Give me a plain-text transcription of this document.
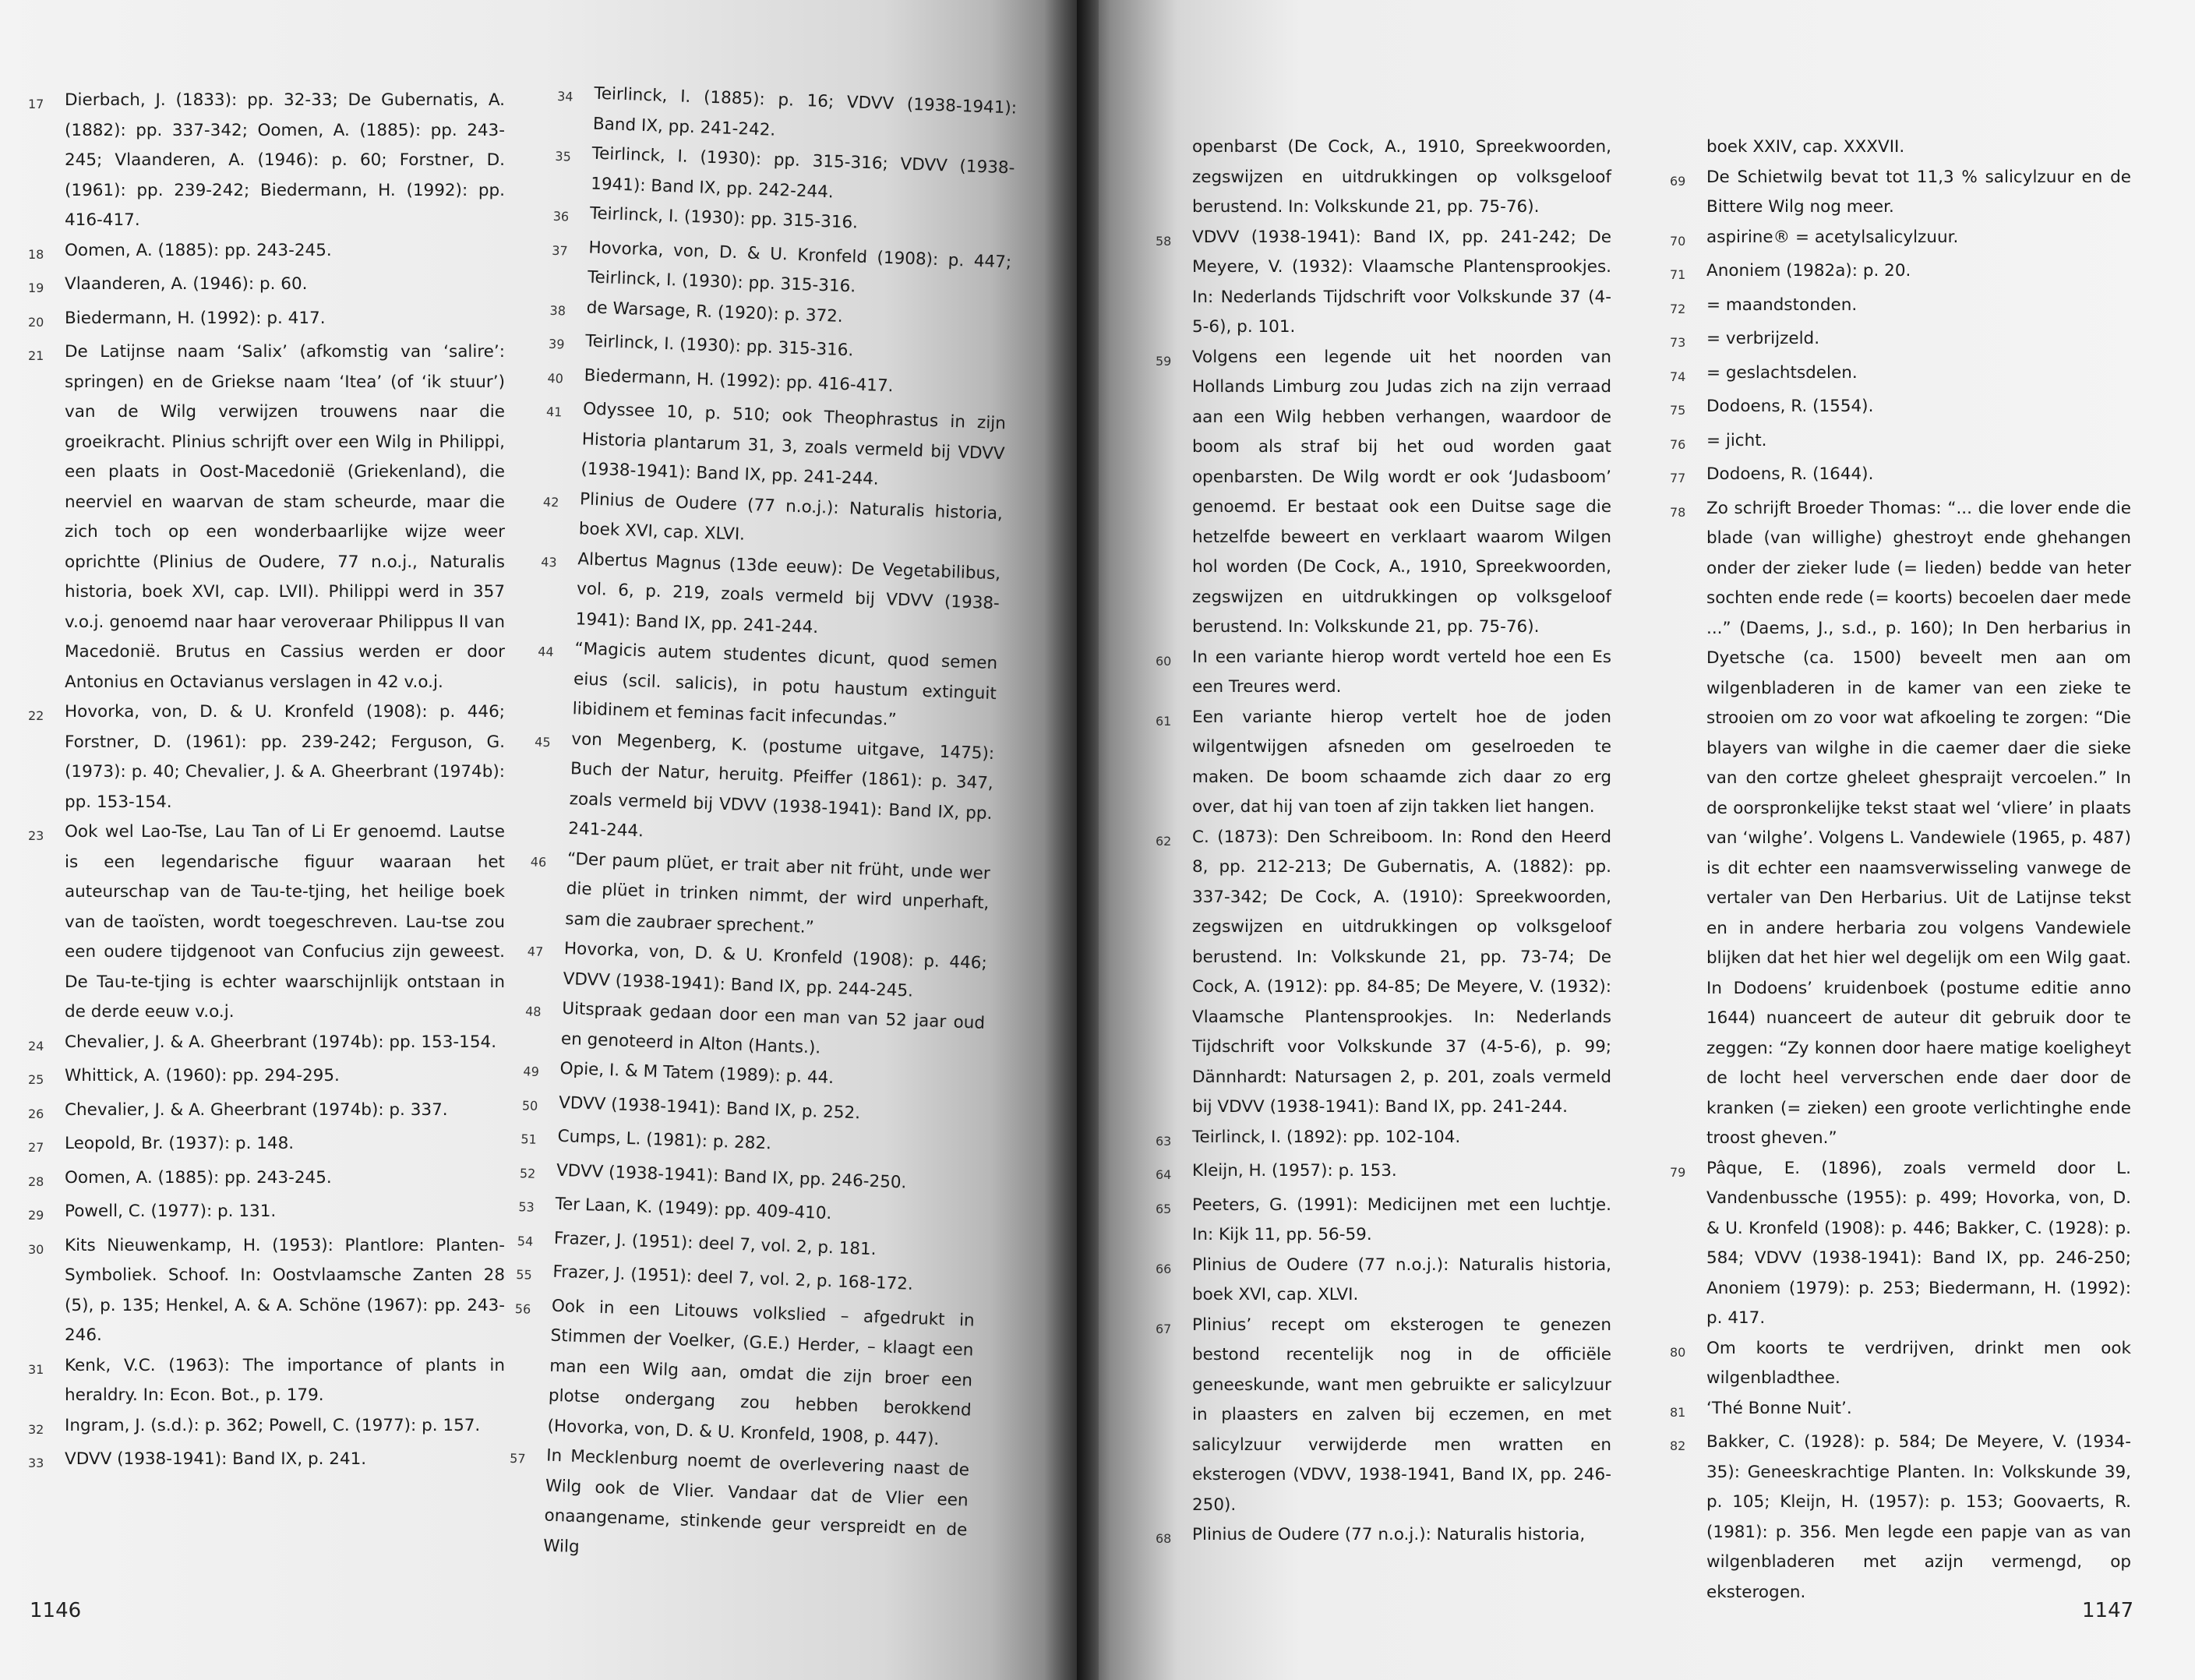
17	Dierbach, J. (1833): pp. 32-33; De Gubernatis, A. (1882): pp. 337-342; Oomen, A. (1885): pp. 243-245; Vlaanderen, A. (1946): p. 60; Forstner, D. (1961): pp. 239-242; Biedermann, H. (1992): pp. 416-417.
18	Oomen, A. (1885): pp. 243-245.
19	Vlaanderen, A. (1946): p. 60.
20	Biedermann, H. (1992): p. 417.
21	De Latijnse naam ‘Salix’ (afkomstig van ‘salire’: springen) en de Griekse naam ‘Itea’ (of ‘ik stuur’) van de Wilg verwijzen trouwens naar die groeikracht. Plinius schrijft over een Wilg in Philippi, een plaats in Oost-Macedonië (Griekenland), die neerviel en waarvan de stam scheurde, maar die zich toch op een wonderbaarlijke wijze weer oprichtte (Plinius de Oudere, 77 n.o.j., Naturalis historia, boek XVI, cap. LVII). Philippi werd in 357 v.o.j. genoemd naar haar veroveraar Philippus II van Macedonië. Brutus en Cassius werden er door Antonius en Octavianus verslagen in 42 v.o.j.
22	Hovorka, von, D. & U. Kronfeld (1908): p. 446; Forstner, D. (1961): pp. 239-242; Ferguson, G. (1973): p. 40; Chevalier, J. & A. Gheerbrant (1974b): pp. 153-154.
23	Ook wel Lao-Tse, Lau Tan of Li Er genoemd. Lautse is een legendarische figuur waaraan het auteurschap van de Tau-te-tjing, het heilige boek van de taoïsten, wordt toegeschreven. Lau-tse zou een oudere tijdgenoot van Confucius zijn geweest. De Tau-te-tjing is echter waarschijnlijk ontstaan in de derde eeuw v.o.j.
24	Chevalier, J. & A. Gheerbrant (1974b): pp. 153-154.
25	Whittick, A. (1960): pp. 294-295.
26	Chevalier, J. & A. Gheerbrant (1974b): p. 337.
27	Leopold, Br. (1937): p. 148.
28	Oomen, A. (1885): pp. 243-245.
29	Powell, C. (1977): p. 131.
30	Kits Nieuwenkamp, H. (1953): Plantlore: Planten-Symboliek. Schoof. In: Oostvlaamsche Zanten 28 (5), p. 135; Henkel, A. & A. Schöne (1967): pp. 243-246.
31	Kenk, V.C. (1963): The importance of plants in heraldry. In: Econ. Bot., p. 179.
32	Ingram, J. (s.d.): p. 362; Powell, C. (1977): p. 157.
33	VDVV (1938-1941): Band IX, p. 241.
34	Teirlinck, I. (1885): p. 16; VDVV (1938-1941): Band IX, pp. 241-242.
35	Teirlinck, I. (1930): pp. 315-316; VDVV (1938-1941): Band IX, pp. 242-244.
36	Teirlinck, I. (1930): pp. 315-316.
37	Hovorka, von, D. & U. Kronfeld (1908): p. 447; Teirlinck, I. (1930): pp. 315-316.
38	de Warsage, R. (1920): p. 372.
39	Teirlinck, I. (1930): pp. 315-316.
40	Biedermann, H. (1992): pp. 416-417.
41	Odyssee 10, p. 510; ook Theophrastus in zijn Historia plantarum 31, 3, zoals vermeld bij VDVV (1938-1941): Band IX, pp. 241-244.
42	Plinius de Oudere (77 n.o.j.): Naturalis historia, boek XVI, cap. XLVI.
43	Albertus Magnus (13de eeuw): De Vegetabilibus, vol. 6, p. 219, zoals vermeld bij VDVV (1938-1941): Band IX, pp. 241-244.
44	“Magicis autem studentes dicunt, quod semen eius (scil. salicis), in potu haustum extinguit libidinem et feminas facit infecundas.”
45	von Megenberg, K. (postume uitgave, 1475): Buch der Natur, heruitg. Pfeiffer (1861): p. 347, zoals vermeld bij VDVV (1938-1941): Band IX, pp. 241-244.
46	“Der paum plüet, er trait aber nit früht, unde wer die plüet in trinken nimmt, der wird unperhaft, sam die zaubraer sprechent.”
47	Hovorka, von, D. & U. Kronfeld (1908): p. 446; VDVV (1938-1941): Band IX, pp. 244-245.
48	Uitspraak gedaan door een man van 52 jaar oud en genoteerd in Alton (Hants.).
49	Opie, I. & M Tatem (1989): p. 44.
50	VDVV (1938-1941): Band IX, p. 252.
51	Cumps, L. (1981): p. 282.
52	VDVV (1938-1941): Band IX, pp. 246-250.
53	Ter Laan, K. (1949): pp. 409-410.
54	Frazer, J. (1951): deel 7, vol. 2, p. 181.
55	Frazer, J. (1951): deel 7, vol. 2, p. 168-172.
56	Ook in een Litouws volkslied – afgedrukt in Stimmen der Voelker, (G.E.) Herder, – klaagt een man een Wilg aan, omdat die zijn broer een plotse ondergang zou hebben berokkend (Hovorka, von, D. & U. Kronfeld, 1908, p. 447).
57	In Mecklenburg noemt de overlevering naast de Wilg ook de Vlier. Vandaar dat de Vlier een onaangename, stinkende geur verspreidt en de Wilg
1146
openbarst (De Cock, A., 1910, Spreekwoorden, zegswijzen en uitdrukkingen op volksgeloof berustend. In: Volkskunde 21, pp. 75-76).
58	VDVV (1938-1941): Band IX, pp. 241-242; De Meyere, V. (1932): Vlaamsche Plantensprookjes. In: Nederlands Tijdschrift voor Volkskunde 37 (4-5-6), p. 101.
59	Volgens een legende uit het noorden van Hollands Limburg zou Judas zich na zijn verraad aan een Wilg hebben verhangen, waardoor de boom als straf bij het oud worden gaat openbarsten. De Wilg wordt er ook ‘Judasboom’ genoemd. Er bestaat ook een Duitse sage die hetzelfde beweert en verklaart waarom Wilgen hol worden (De Cock, A., 1910, Spreekwoorden, zegswijzen en uitdrukkingen op volksgeloof berustend. In: Volkskunde 21, pp. 75-76).
60	In een variante hierop wordt verteld hoe een Es een Treures werd.
61	Een variante hierop vertelt hoe de joden wilgentwijgen afsneden om geselroeden te maken. De boom schaamde zich daar zo erg over, dat hij van toen af zijn takken liet hangen.
62	C. (1873): Den Schreiboom. In: Rond den Heerd 8, pp. 212-213; De Gubernatis, A. (1882): pp. 337-342; De Cock, A. (1910): Spreekwoorden, zegswijzen en uitdrukkingen op volksgeloof berustend. In: Volkskunde 21, pp. 73-74; De Cock, A. (1912): pp. 84-85; De Meyere, V. (1932): Vlaamsche Plantensprookjes. In: Nederlands Tijdschrift voor Volkskunde 37 (4-5-6), p. 99; Dännhardt: Natursagen 2, p. 201, zoals vermeld bij VDVV (1938-1941): Band IX, pp. 241-244.
63	Teirlinck, I. (1892): pp. 102-104.
64	Kleijn, H. (1957): p. 153.
65	Peeters, G. (1991): Medicijnen met een luchtje. In: Kijk 11, pp. 56-59.
66	Plinius de Oudere (77 n.o.j.): Naturalis historia, boek XVI, cap. XLVI.
67	Plinius’ recept om eksterogen te genezen bestond recentelijk nog in de officiële geneeskunde, want men gebruikte er salicylzuur in plaasters en zalven bij eczemen, en met salicylzuur verwijderde men wratten en eksterogen (VDVV, 1938-1941, Band IX, pp. 246-250).
68	Plinius de Oudere (77 n.o.j.): Naturalis historia,
boek XXIV, cap. XXXVII.
69	De Schietwilg bevat tot 11,3 % salicylzuur en de Bittere Wilg nog meer.
70	aspirine® = acetylsalicylzuur.
71	Anoniem (1982a): p. 20.
72	= maandstonden.
73	= verbrijzeld.
74	= geslachtsdelen.
75	Dodoens, R. (1554).
76	= jicht.
77	Dodoens, R. (1644).
78	Zo schrijft Broeder Thomas: “... die lover ende die blade (van willighe) ghestroyt ende ghehangen onder der zieker lude (= lieden) bedde van heter sochten ende rede (= koorts) becoelen daer mede ...” (Daems, J., s.d., p. 160); In Den herbarius in Dyetsche (ca. 1500) beveelt men aan om wilgenbladeren in de kamer van een zieke te strooien om zo voor wat afkoeling te zorgen: “Die blayers van wilghe in die caemer daer die sieke van den cortze gheleet ghespraijt vercoelen.” In de oorspronkelijke tekst staat wel ‘vliere’ in plaats van ‘wilghe’. Volgens L. Vandewiele (1965, p. 487) is dit echter een naamsverwisseling vanwege de vertaler van Den Herbarius. Uit de Latijnse tekst en in andere herbaria zou volgens Vandewiele blijken dat het hier wel degelijk om een Wilg gaat. In Dodoens’ kruidenboek (postume editie anno 1644) nuanceert de auteur dit gebruik door te zeggen: “Zy konnen door haere matige koelighеyt de locht heel ververschen ende daer door de kranken (= zieken) een groote verlichtinghe ende troost gheven.”
79	Pâque, E. (1896), zoals vermeld door L. Vandenbussche (1955): p. 499; Hovorka, von, D. & U. Kronfeld (1908): p. 446; Bakker, C. (1928): p. 584; VDVV (1938-1941): Band IX, pp. 246-250; Anoniem (1979): p. 253; Biedermann, H. (1992): p. 417.
80	Om koorts te verdrijven, drinkt men ook wilgenbladthee.
81	‘Thé Bonne Nuit’.
82	Bakker, C. (1928): p. 584; De Meyere, V. (1934-35): Geneeskrachtige Planten. In: Volkskunde 39, p. 105; Kleijn, H. (1957): p. 153; Goovaerts, R. (1981): p. 356. Men legde een papje van as van wilgenbladeren met azijn vermengd, op eksterogen.
1147
